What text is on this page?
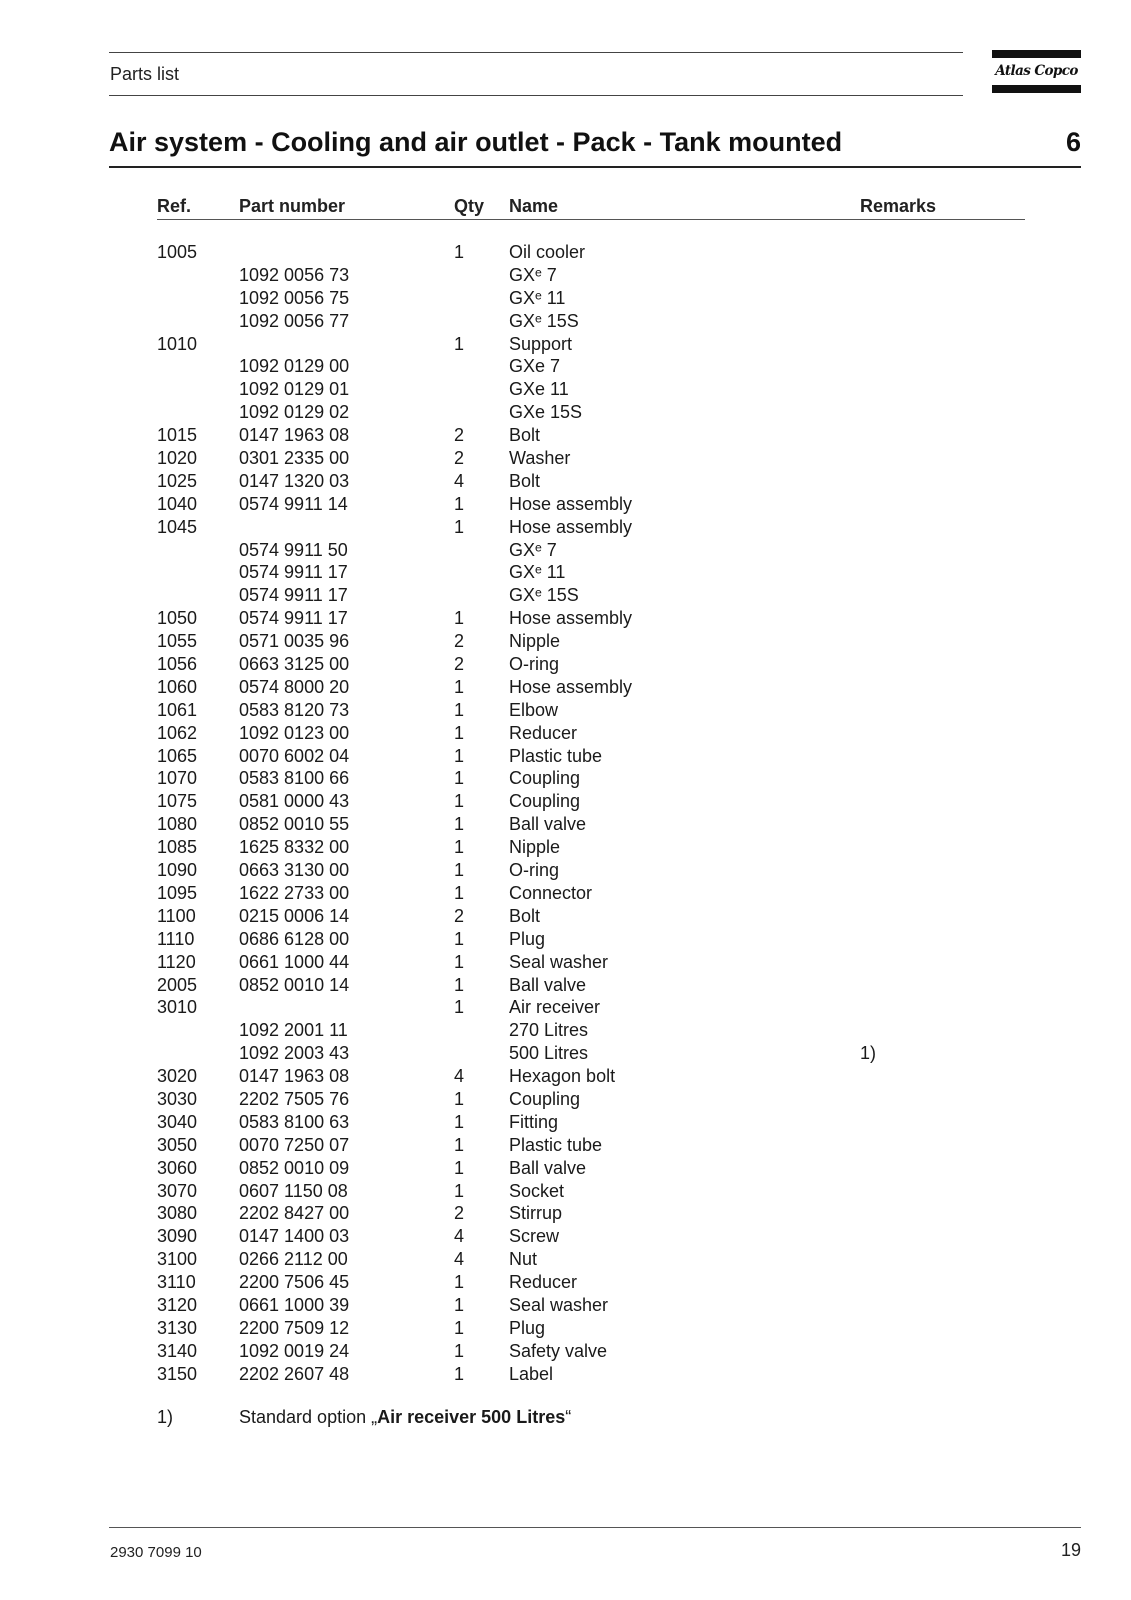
Parts list	Atlas Copco
Air system - Cooling and air outlet - Pack - Tank mounted	6
Ref.	Part number	Qty Name	Remarks
1005	1 Oil cooler
1092 0056 73	GXᵉ 7
1092 0056 75	GXᵉ 11
1092 0056 77	GXᵉ 15S
1010	1 Support
1092 0129 00	GXe 7
1092 0129 01	GXe 11
1092 0129 02	GXe 15S
1015 0147 1963 08	2 Bolt
1020 0301 2335 00	2 Washer
1025 0147 1320 03	4 Bolt
1040 0574 9911 14	1 Hose assembly
1045	1 Hose assembly
0574 9911 50	GXᵉ 7
0574 9911 17	GXᵉ 11
0574 9911 17	GXᵉ 15S
1050 0574 9911 17	1 Hose assembly
1055 0571 0035 96	2 Nipple
1056 0663 3125 00	2 O-ring
1060 0574 8000 20	1 Hose assembly
1061 0583 8120 73	1 Elbow
1062 1092 0123 00	1 Reducer
1065 0070 6002 04	1 Plastic tube
1070 0583 8100 66	1 Coupling
1075 0581 0000 43	1 Coupling
1080 0852 0010 55	1 Ball valve
1085 1625 8332 00	1 Nipple
1090 0663 3130 00	1 O-ring
1095 1622 2733 00	1 Connector
1100 0215 0006 14	2 Bolt
1110 0686 6128 00	1 Plug
1120 0661 1000 44	1 Seal washer
2005 0852 0010 14	1 Ball valve
3010	1 Air receiver
1092 2001 11	270 Litres
1092 2003 43	500 Litres	1)
3020 0147 1963 08	4 Hexagon bolt
3030 2202 7505 76	1 Coupling
3040 0583 8100 63	1 Fitting
3050 0070 7250 07	1 Plastic tube
3060 0852 0010 09	1 Ball valve
3070 0607 1150 08	1 Socket
3080 2202 8427 00	2 Stirrup
3090 0147 1400 03	4 Screw
3100 0266 2112 00	4 Nut
3110 2200 7506 45	1 Reducer
3120 0661 1000 39	1 Seal washer
3130 2200 7509 12	1 Plug
3140 1092 0019 24	1 Safety valve
3150 2202 2607 48	1 Label
1)	Standard option „Air receiver 500 Litres“
2930 7099 10	19
